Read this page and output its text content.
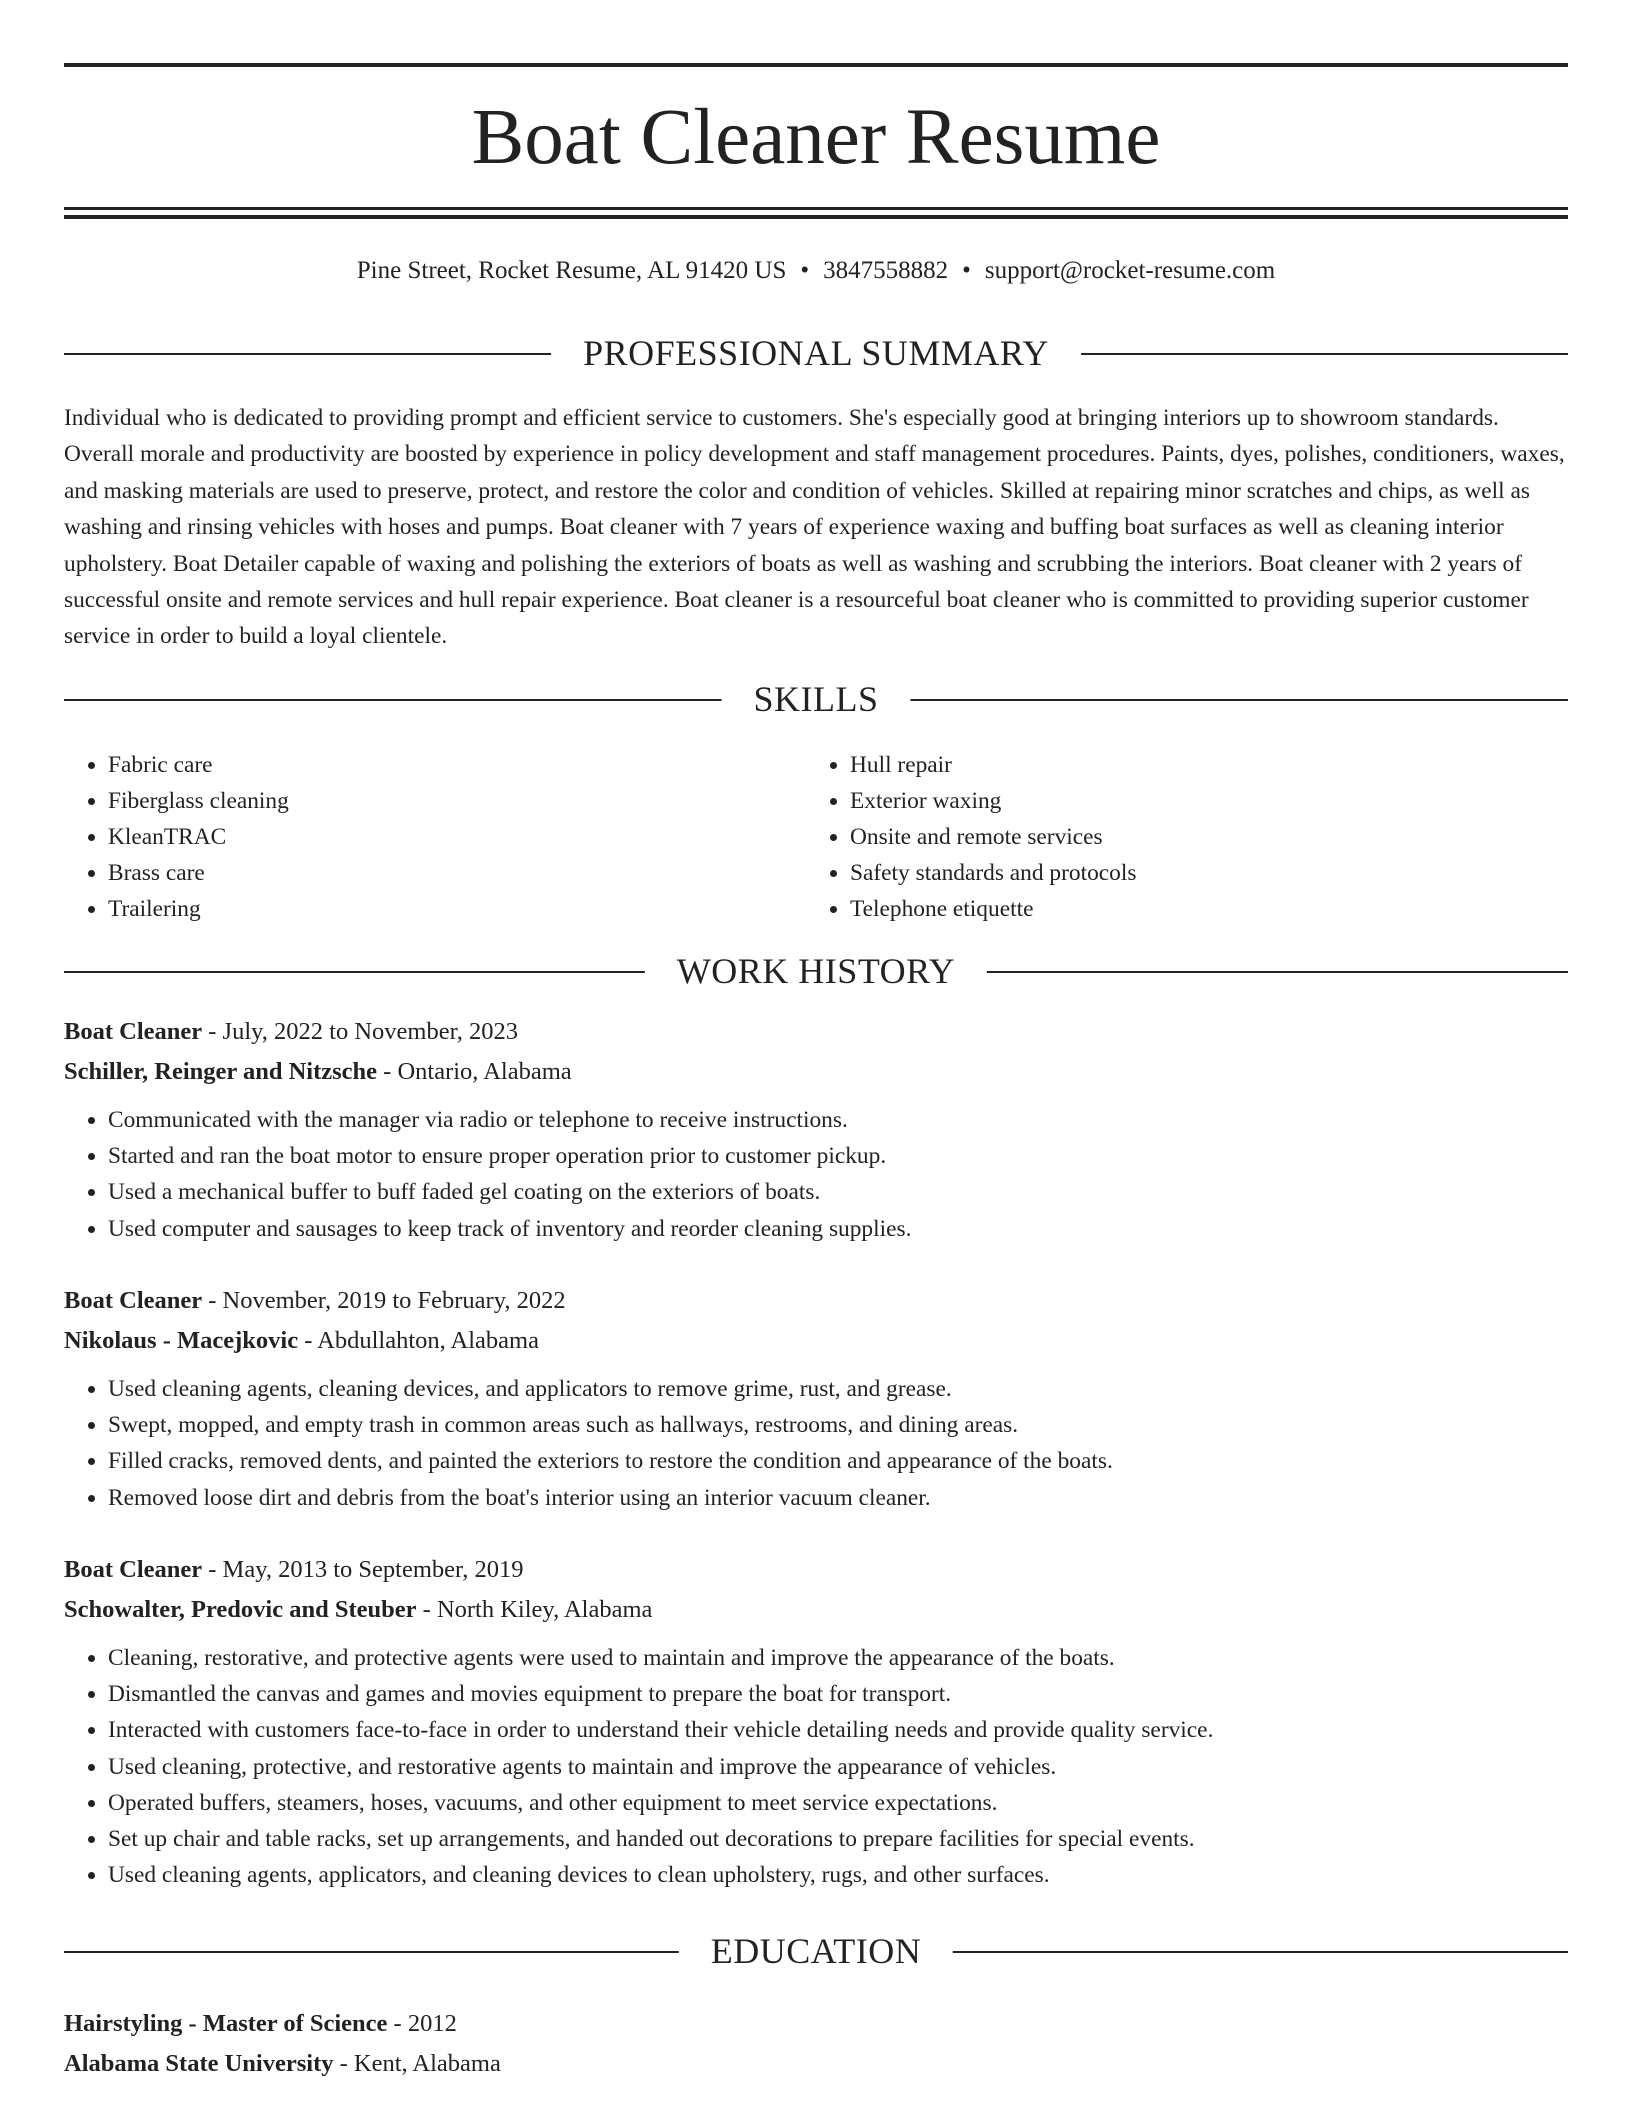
Boat Cleaner Resume
Pine Street, Rocket Resume, AL 91420 US • 3847558882 • support@rocket-resume.com
PROFESSIONAL SUMMARY

Individual who is dedicated to providing prompt and efficient service to customers. She's especially good at bringing interiors up to showroom standards. Overall morale and productivity are boosted by experience in policy development and staff management procedures. Paints, dyes, polishes, conditioners, waxes, and masking materials are used to preserve, protect, and restore the color and condition of vehicles. Skilled at repairing minor scratches and chips, as well as washing and rinsing vehicles with hoses and pumps. Boat cleaner with 7 years of experience waxing and buffing boat surfaces as well as cleaning interior upholstery. Boat Detailer capable of waxing and polishing the exteriors of boats as well as washing and scrubbing the interiors. Boat cleaner with 2 years of successful onsite and remote services and hull repair experience. Boat cleaner is a resourceful boat cleaner who is committed to providing superior customer service in order to build a loyal clientele.

SKILLS
• Fabric care
• Fiberglass cleaning
• KleanTRAC
• Brass care
• Trailering
• Hull repair
• Exterior waxing
• Onsite and remote services
• Safety standards and protocols
• Telephone etiquette
WORK HISTORY

Boat Cleaner - July, 2022 to November, 2023

Schiller, Reinger and Nitzsche - Ontario, Alabama

• Communicated with the manager via radio or telephone to receive instructions.
• Started and ran the boat motor to ensure proper operation prior to customer pickup.
• Used a mechanical buffer to buff faded gel coating on the exteriors of boats.
• Used computer and sausages to keep track of inventory and reorder cleaning supplies.

Boat Cleaner - November, 2019 to February, 2022

Nikolaus - Macejkovic - Abdullahton, Alabama

• Used cleaning agents, cleaning devices, and applicators to remove grime, rust, and grease.
• Swept, mopped, and empty trash in common areas such as hallways, restrooms, and dining areas.
• Filled cracks, removed dents, and painted the exteriors to restore the condition and appearance of the boats.
• Removed loose dirt and debris from the boat's interior using an interior vacuum cleaner.

Boat Cleaner - May, 2013 to September, 2019

Schowalter, Predovic and Steuber - North Kiley, Alabama

• Cleaning, restorative, and protective agents were used to maintain and improve the appearance of the boats.
• Dismantled the canvas and games and movies equipment to prepare the boat for transport.
• Interacted with customers face-to-face in order to understand their vehicle detailing needs and provide quality service.
• Used cleaning, protective, and restorative agents to maintain and improve the appearance of vehicles.
• Operated buffers, steamers, hoses, vacuums, and other equipment to meet service expectations.
• Set up chair and table racks, set up arrangements, and handed out decorations to prepare facilities for special events.
• Used cleaning agents, applicators, and cleaning devices to clean upholstery, rugs, and other surfaces.
EDUCATION

Hairstyling - Master of Science - 2012

Alabama State University - Kent, Alabama
